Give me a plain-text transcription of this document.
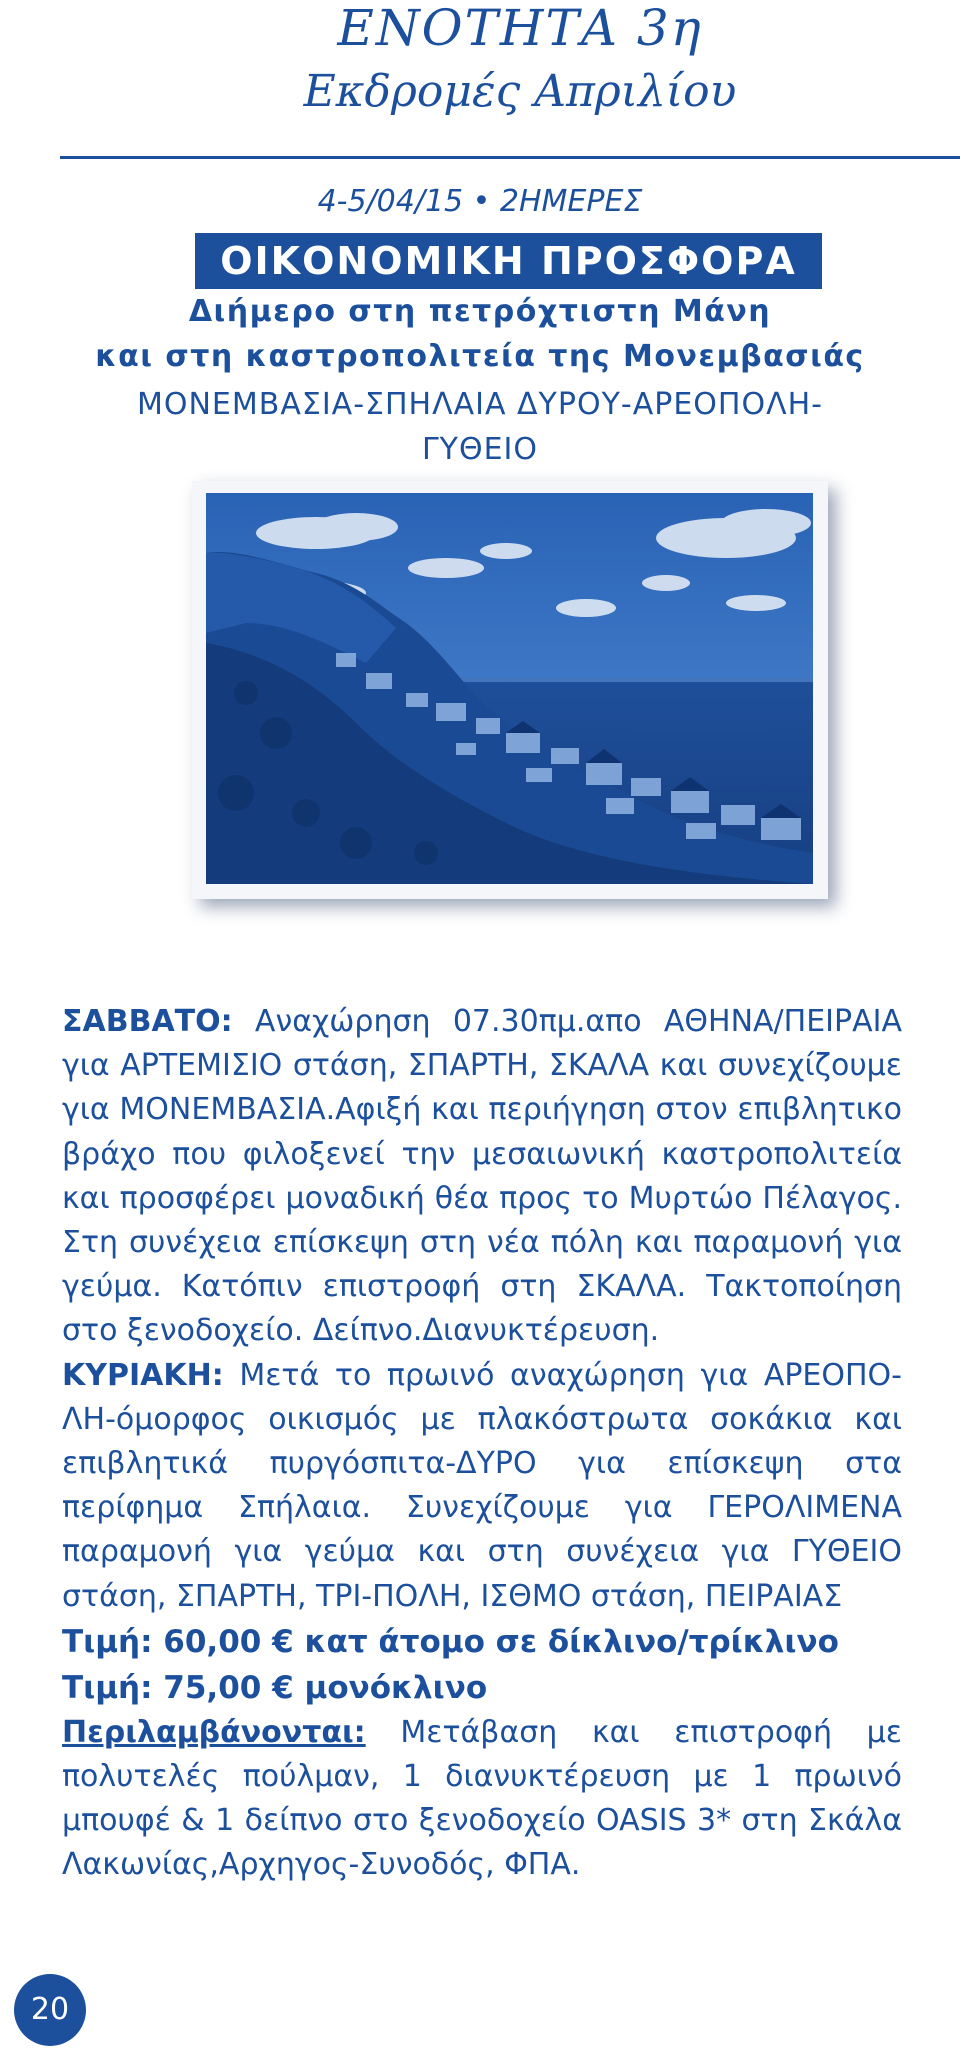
ΕΝΟΤΗΤΑ 3η
Εκδρομές Απριλίου
4-5/04/15 • 2ΗΜΕΡΕΣ
ΟΙΚΟΝΟΜΙΚΗ ΠΡΟΣΦΟΡΑ
Διήμερο στη πετρόχτιστη Μάνη
και στη καστροπολιτεία της Μονεμβασιάς
ΜΟΝΕΜΒΑΣΙΑ-ΣΠΗΛΑΙΑ ΔΥΡΟΥ-ΑΡΕΟΠΟΛΗ-
ΓΥΘΕΙΟ

ΣΑΒΒΑΤΟ: Αναχώρηση 07.30πμ.απο ΑΘΗΝΑ/ΠΕΙΡΑΙΑ για ΑΡΤΕΜΙΣΙΟ στάση, ΣΠΑΡΤΗ, ΣΚΑΛΑ και συνεχίζουμε για ΜΟΝΕΜΒΑΣΙΑ.Αφιξή και περιήγηση στον επιβλητικο βράχο που φιλοξενεί την μεσαιωνική καστροπολιτεία και προσφέρει μοναδική θέα προς το Μυρτώο Πέλαγος. Στη συνέχεια επίσκεψη στη νέα πόλη και παραμονή για γεύμα. Κατόπιν επιστροφή στη ΣΚΑΛΑ. Τακτοποίηση στο ξενοδοχείο. Δείπνο.Διανυκτέρευση.

ΚΥΡΙΑΚΗ: Μετά το πρωινό αναχώρηση για ΑΡΕΟΠΟ-ΛΗ-όμορφος οικισμός με πλακόστρωτα σοκάκια και επιβλητικά πυργόσπιτα-ΔΥΡΟ για επίσκεψη στα περίφημα Σπήλαια. Συνεχίζουμε για ΓΕΡΟΛΙΜΕΝΑ παραμονή για γεύμα και στη συνέχεια για ΓΥΘΕΙΟ στάση, ΣΠΑΡΤΗ, ΤΡΙ-ΠΟΛΗ, ΙΣΘΜΟ στάση, ΠΕΙΡΑΙΑΣ

Τιμή: 60,00 € κατ άτομο σε δίκλινο/τρίκλινο

Τιμή: 75,00 € μονόκλινο

Περιλαμβάνονται: Μετάβαση και επιστροφή με πολυτελές πούλμαν, 1 διανυκτέρευση με 1 πρωινό μπουφέ & 1 δείπνο στο ξενοδοχείο OASIS 3* στη Σκάλα Λακωνίας,Αρχηγος-Συνοδός, ΦΠΑ.

20
